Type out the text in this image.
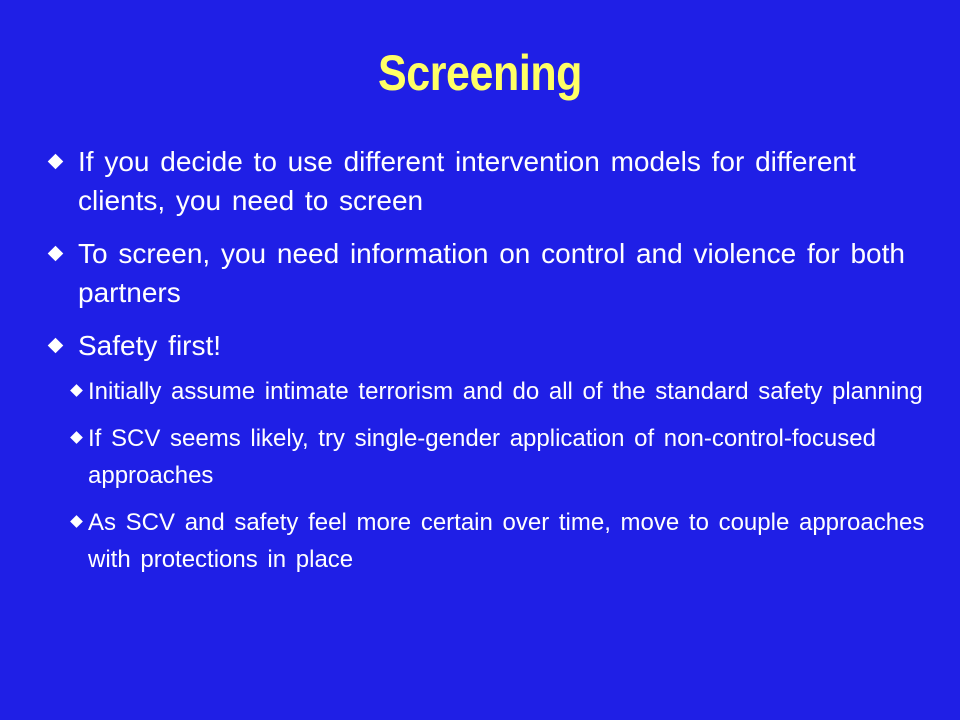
Screening
If you decide to use different intervention models for different clients, you need to screen
To screen, you need information on control and violence for both partners
Safety first!
Initially assume intimate terrorism and do all of the standard safety planning
If SCV seems likely, try single-gender application of non-control-focused approaches
As SCV and safety feel more certain over time, move to couple approaches with protections in place
